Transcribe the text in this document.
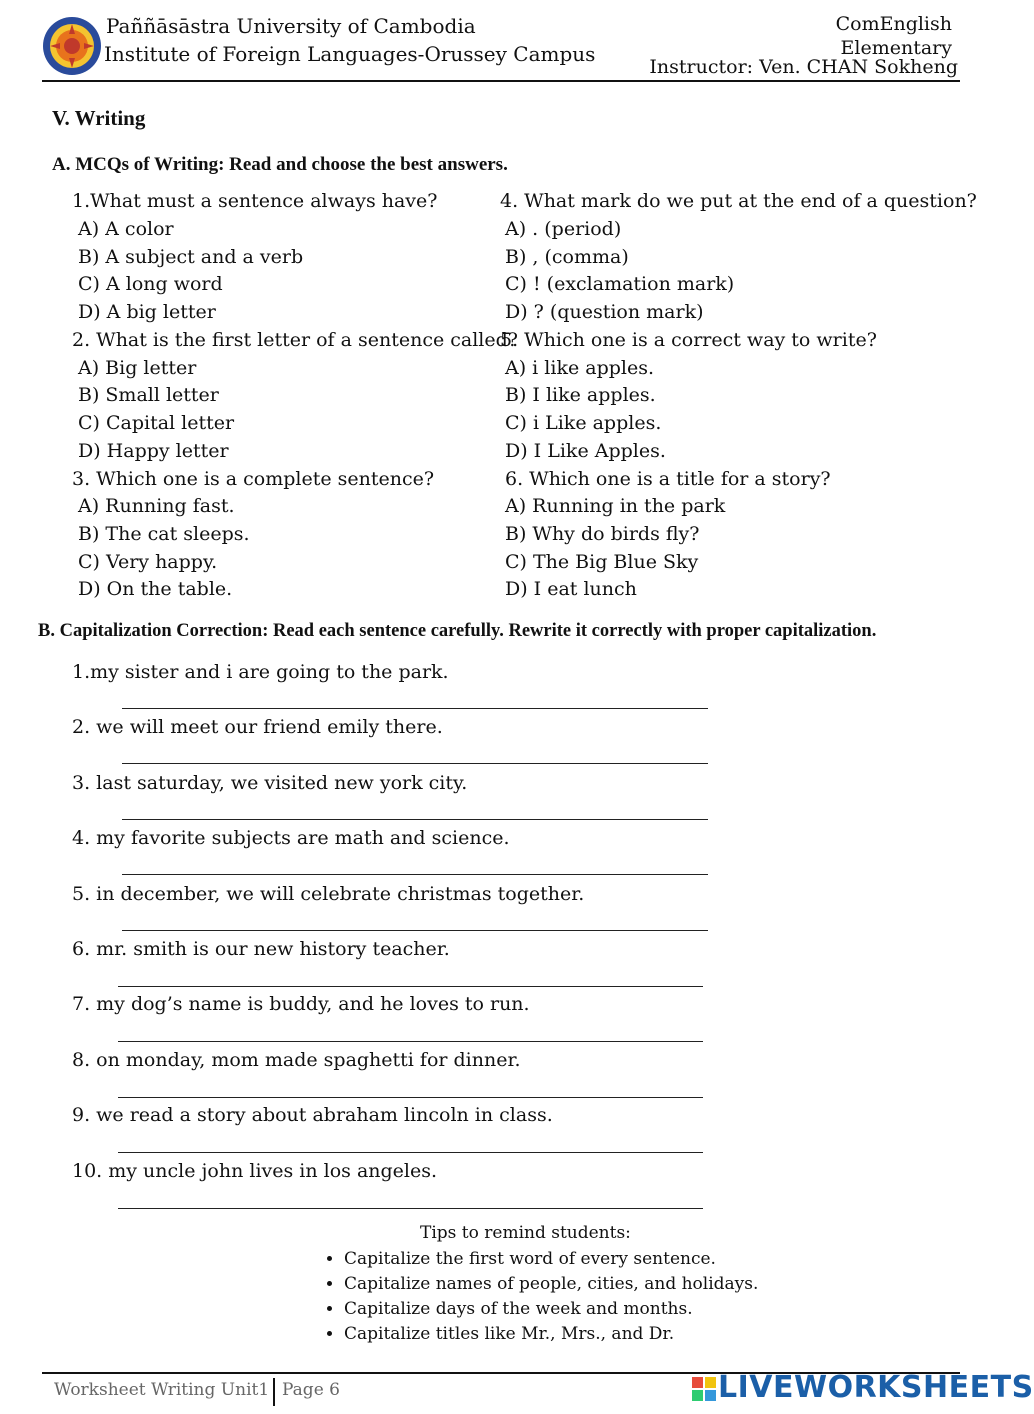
Paññāsāstra University of Cambodia
Institute of Foreign Languages-Orussey Campus
ComEnglish
Elementary
Instructor: Ven. CHAN Sokheng
V. Writing
A. MCQs of Writing: Read and choose the best answers.
1.What must a sentence always have?
A) A color
B) A subject and a verb
C) A long word
D) A big letter
2. What is the first letter of a sentence called?
A) Big letter
B) Small letter
C) Capital letter
D) Happy letter
3. Which one is a complete sentence?
A) Running fast.
B) The cat sleeps.
C) Very happy.
D) On the table.
4. What mark do we put at the end of a question?
A) . (period)
B) , (comma)
C) ! (exclamation mark)
D) ? (question mark)
5. Which one is a correct way to write?
A) i like apples.
B) I like apples.
C) i Like apples.
D) I Like Apples.
6. Which one is a title for a story?
A) Running in the park
B) Why do birds fly?
C) The Big Blue Sky
D) I eat lunch
B. Capitalization Correction: Read each sentence carefully. Rewrite it correctly with proper capitalization.
1.my sister and i are going to the park.
2. we will meet our friend emily there.
3. last saturday, we visited new york city.
4. my favorite subjects are math and science.
5. in december, we will celebrate christmas together.
6. mr. smith is our new history teacher.
7. my dog’s name is buddy, and he loves to run.
8. on monday, mom made spaghetti for dinner.
9. we read a story about abraham lincoln in class.
10. my uncle john lives in los angeles.
Tips to remind students:
• Capitalize the first word of every sentence.
• Capitalize names of people, cities, and holidays.
• Capitalize days of the week and months.
• Capitalize titles like Mr., Mrs., and Dr.
Worksheet Writing Unit1 Page 6	LIVEWORKSHEETS
